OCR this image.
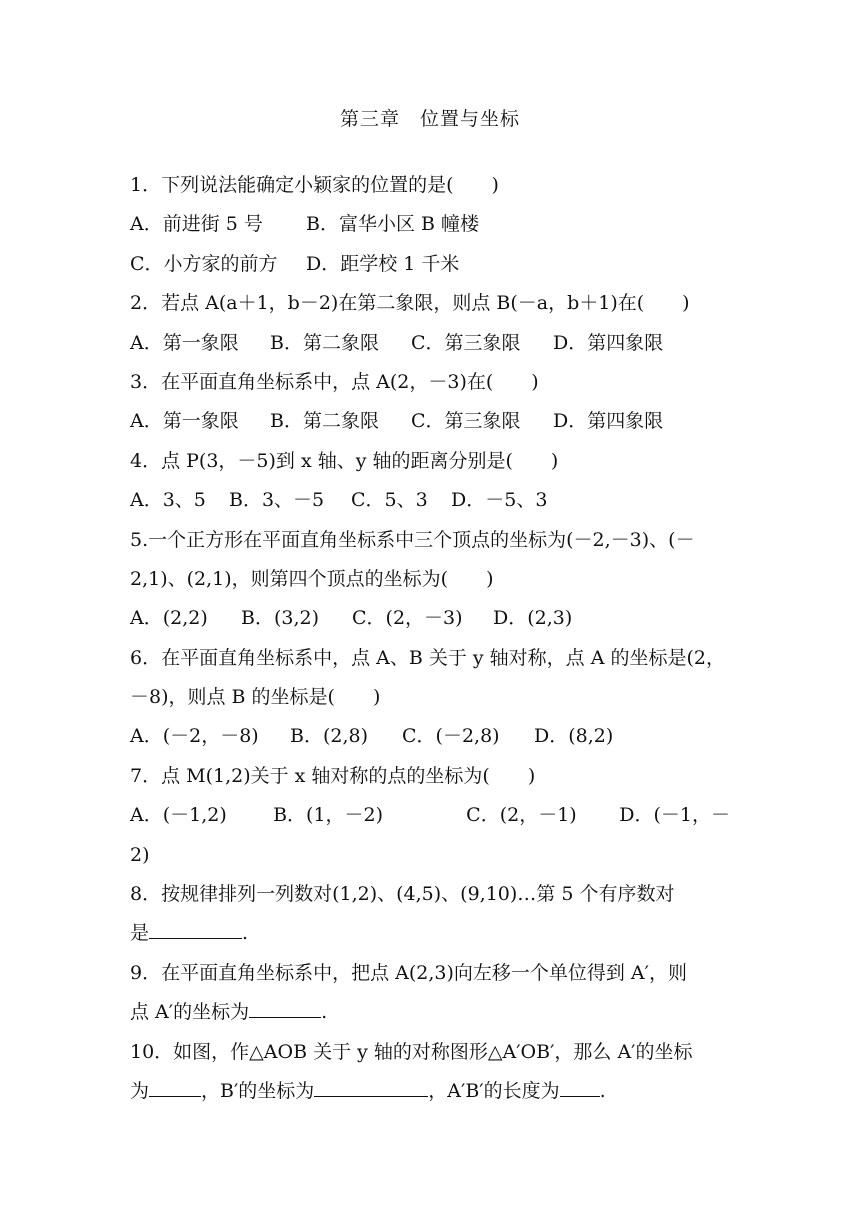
第三章　位置与坐标
1．下列说法能确定小颖家的位置的是(　　)
A．前进街 5 号 B．富华小区 B 幢楼
C．小方家的前方 D．距学校 1 千米
2．若点 A(a＋1，b－2)在第二象限，则点 B(－a，b＋1)在(　　)
A．第一象限 B．第二象限 C．第三象限 D．第四象限
3．在平面直角坐标系中，点 A(2，－3)在(　　)
A．第一象限 B．第二象限 C．第三象限 D．第四象限
4．点 P(3，－5)到 x 轴、y 轴的距离分别是(　　)
A．3、5 B．3、－5 C．5、3 D．－5、3
5.一个正方形在平面直角坐标系中三个顶点的坐标为(－2,－3)、(－
2,1)、(2,1)，则第四个顶点的坐标为(　　)
A．(2,2) B．(3,2) C．(2，－3) D．(2,3)
6．在平面直角坐标系中，点 A、B 关于 y 轴对称，点 A 的坐标是(2，
－8)，则点 B 的坐标是(　　)
A．(－2，－8) B．(2,8) C．(－2,8) D．(8,2)
7．点 M(1,2)关于 x 轴对称的点的坐标为(　　)
A．(－1,2)	B．(1，－2)	C．(2，－1)	D．(－1，－
2)
8．按规律排列一列数对(1,2)、(4,5)、(9,10)…第 5 个有序数对
是	.
9．在平面直角坐标系中，把点 A(2,3)向左移一个单位得到 A′，则
点 A′的坐标为	.
10．如图，作△AOB 关于 y 轴的对称图形△A′OB′，那么 A′的坐标
为	，B′的坐标为	，A′B′的长度为 .
